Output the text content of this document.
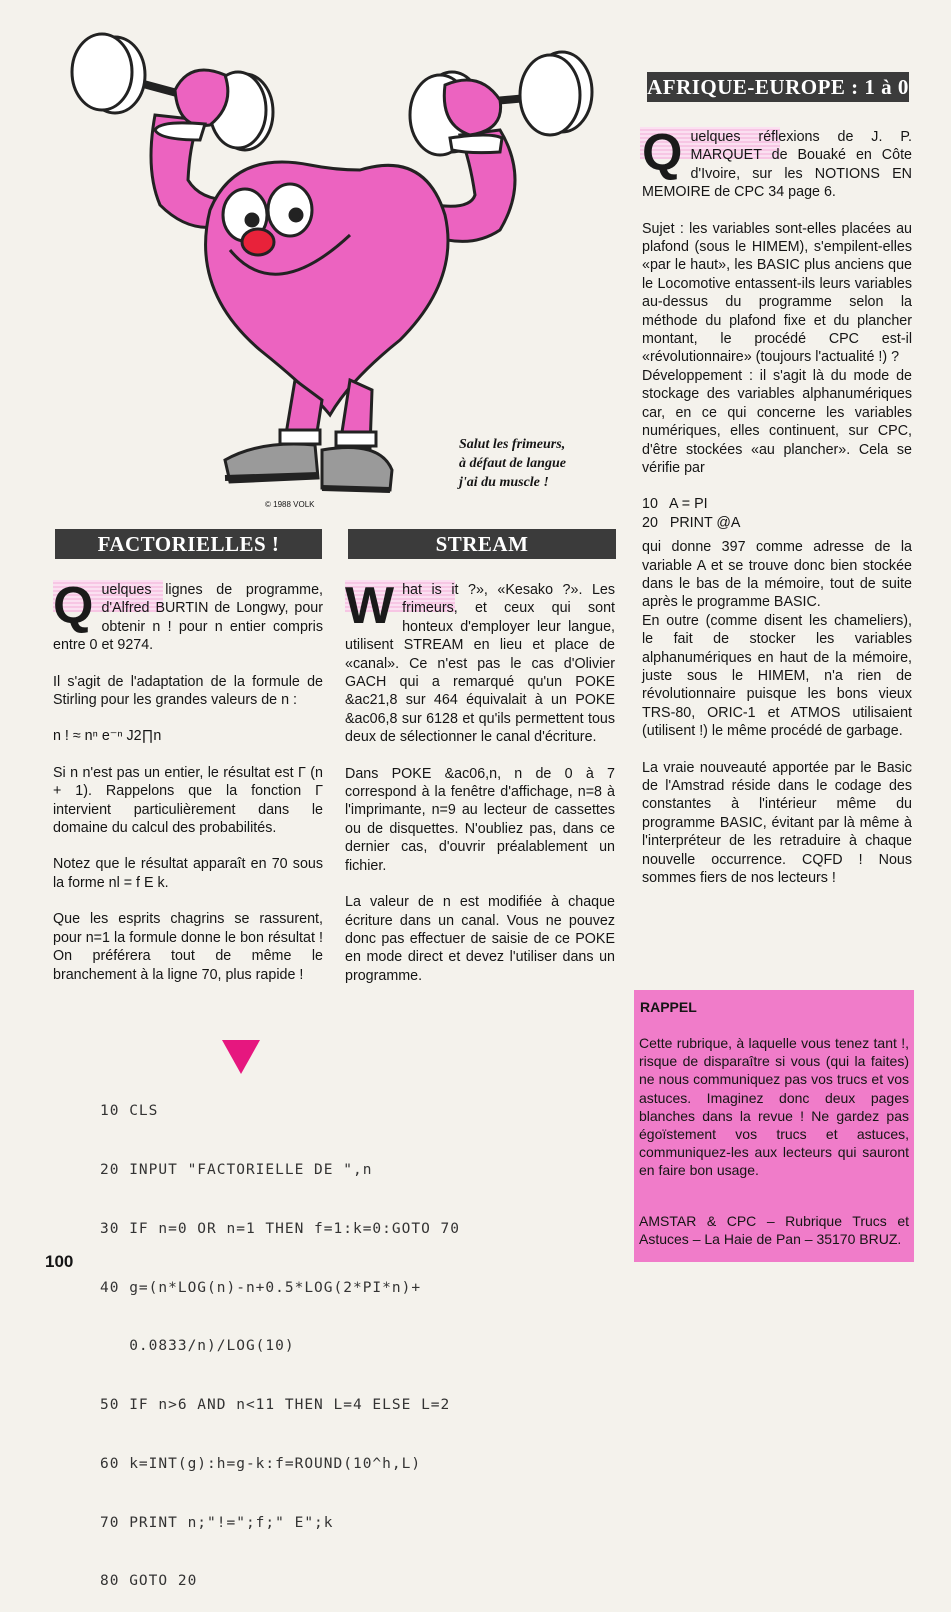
© 1988 VOLK
Salut les frimeurs,
à défaut de langue
j'ai du muscle !
FACTORIELLES !

Quelques lignes de programme, d'Alfred BURTIN de Longwy, pour obtenir n ! pour n entier compris entre 0 et 9274.

Il s'agit de l'adaptation de la formule de Stirling pour les grandes valeurs de n :

n ! ≈ nⁿ e⁻ⁿ J2∏n

Si n n'est pas un entier, le résultat est Γ (n + 1). Rappelons que la fonction Γ intervient particulièrement dans le domaine du calcul des probabilités.

Notez que le résultat apparaît en 70 sous la forme nl = f E k.

Que les esprits chagrins se rassurent, pour n=1 la formule donne le bon résultat ! On préférera tout de même le branchement à la ligne 70, plus rapide !

STREAM

What is it ?», «Kesako ?». Les frimeurs, et ceux qui sont honteux d'employer leur langue, utilisent STREAM en lieu et place de «canal». Ce n'est pas le cas d'Olivier GACH qui a remarqué qu'un POKE &ac21,8 sur 464 équivalait à un POKE &ac06,8 sur 6128 et qu'ils permettent tous deux de sélectionner le canal d'écriture.

Dans POKE &ac06,n, n de 0 à 7 correspond à la fenêtre d'affichage, n=8 à l'imprimante, n=9 au lecteur de cassettes ou de disquettes. N'oubliez pas, dans ce dernier cas, d'ouvrir préalablement un fichier.

La valeur de n est modifiée à chaque écriture dans un canal. Vous ne pouvez donc pas effectuer de saisie de ce POKE en mode direct et devez l'utiliser dans un programme.

AFRIQUE-EUROPE : 1 à 0

Quelques réflexions de J. P. MARQUET de Bouaké en Côte d'Ivoire, sur les NOTIONS EN MEMOIRE de CPC 34 page 6.

Sujet : les variables sont-elles placées au plafond (sous le HIMEM), s'empilent-elles «par le haut», les BASIC plus anciens que le Locomotive entassent-ils leurs variables au-dessus du programme selon la méthode du plafond fixe et du plancher montant, le procédé CPC est-il «révolutionnaire» (toujours l'actualité !) ?

Développement : il s'agit là du mode de stockage des variables alphanumériques car, en ce qui concerne les variables numériques, elles continuent, sur CPC, d'être stockées «au plancher». Cela se vérifie par

10   A = PI
20   PRINT @A

qui donne 397 comme adresse de la variable A et se trouve donc bien stockée dans le bas de la mémoire, tout de suite après le programme BASIC.

En outre (comme disent les chameliers), le fait de stocker les variables alphanumériques en haut de la mémoire, juste sous le HIMEM, n'a rien de révolutionnaire puisque les bons vieux TRS-80, ORIC-1 et ATMOS utilisaient (utilisent !) le même procédé de garbage.

La vraie nouveauté apportée par le Basic de l'Amstrad réside dans le codage des constantes à l'intérieur même du programme BASIC, évitant par là même à l'interpréteur de les retraduire à chaque nouvelle occurrence. CQFD ! Nous sommes fiers de nos lecteurs !

RAPPEL
Cette rubrique, à laquelle vous tenez tant !, risque de disparaître si vous (qui la faites) ne nous communiquez pas vos trucs et vos astuces. Imaginez donc deux pages blanches dans la revue ! Ne gardez pas égoïstement vos trucs et astuces, communiquez-les aux lecteurs qui sauront en faire bon usage.
AMSTAR & CPC – Rubrique Trucs et Astuces – La Haie de Pan – 35170 BRUZ.

10 CLS

20 INPUT "FACTORIELLE DE ",n

30 IF n=0 OR n=1 THEN f=1:k=0:GOTO 70

40 g=(n*LOG(n)-n+0.5*LOG(2*PI*n)+

0.0833/n)/LOG(10)

50 IF n>6 AND n<11 THEN L=4 ELSE L=2

60 k=INT(g):h=g-k:f=ROUND(10^h,L)

70 PRINT n;"!=";f;" E";k

80 GOTO 20

100
